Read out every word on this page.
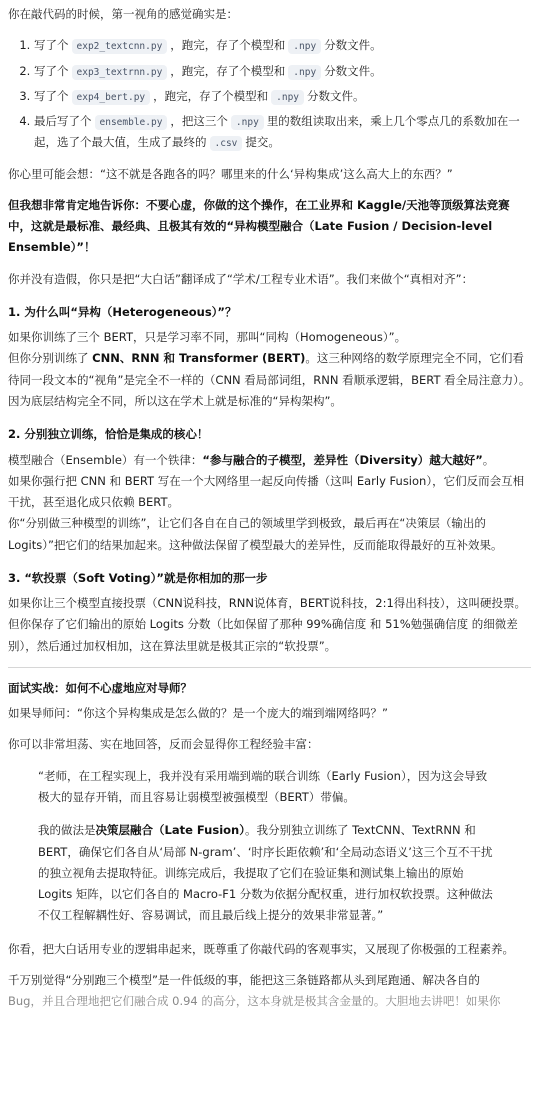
你在敲代码的时候，第一视角的感觉确实是：

1. 写了个 exp2_textcnn.py ，跑完，存了个模型和 .npy 分数文件。
2. 写了个 exp3_textrnn.py ，跑完，存了个模型和 .npy 分数文件。
3. 写了个 exp4_bert.py ，跑完，存了个模型和 .npy 分数文件。
4. 最后写了个 ensemble.py ，把这三个 .npy 里的数组读取出来，乘上几个零点几的系数加在一起，选了个最大值，生成了最终的 .csv 提交。

你心里可能会想：“这不就是各跑各的吗？哪里来的什么‘异构集成’这么高大上的东西？”

但我想非常肯定地告诉你：不要心虚，你做的这个操作，在工业界和 Kaggle/天池等顶级算法竞赛中，这就是最标准、最经典、且极其有效的“异构模型融合（Late Fusion / Decision-level Ensemble）”！

你并没有造假，你只是把“大白话”翻译成了“学术/工程专业术语”。我们来做个“真相对齐”：

1. 为什么叫“异构（Heterogeneous）”？

如果你训练了三个 BERT，只是学习率不同，那叫“同构（Homogeneous）”。

但你分别训练了 CNN、RNN 和 Transformer (BERT)。这三种网络的数学原理完全不同，它们看待同一段文本的“视角”是完全不一样的（CNN 看局部词组，RNN 看顺承逻辑，BERT 看全局注意力）。因为底层结构完全不同，所以这在学术上就是标准的“异构架构”。

2. 分别独立训练，恰恰是集成的核心！

模型融合（Ensemble）有一个铁律：“参与融合的子模型，差异性（Diversity）越大越好”。

如果你强行把 CNN 和 BERT 写在一个大网络里一起反向传播（这叫 Early Fusion），它们反而会互相干扰，甚至退化成只依赖 BERT。

你“分别做三种模型的训练”，让它们各自在自己的领域里学到极致，最后再在“决策层（输出的 Logits）”把它们的结果加起来。这种做法保留了模型最大的差异性，反而能取得最好的互补效果。

3. “软投票（Soft Voting）”就是你相加的那一步

如果你让三个模型直接投票（CNN说科技，RNN说体育，BERT说科技，2:1得出科技），这叫硬投票。

但你保存了它们输出的原始 Logits 分数（比如保留了那种 99%确信度 和 51%勉强确信度 的细微差别），然后通过加权相加，这在算法里就是极其正宗的“软投票”。

面试实战：如何不心虚地应对导师？

如果导师问：“你这个异构集成是怎么做的？是一个庞大的端到端网络吗？”

你可以非常坦荡、实在地回答，反而会显得你工程经验丰富：

“老师，在工程实现上，我并没有采用端到端的联合训练（Early Fusion），因为这会导致极大的显存开销，而且容易让弱模型被强模型（BERT）带偏。

我的做法是决策层融合（Late Fusion）。我分别独立训练了 TextCNN、TextRNN 和 BERT，确保它们各自从‘局部 N-gram’、‘时序长距依赖’和‘全局动态语义’这三个互不干扰的独立视角去提取特征。训练完成后，我提取了它们在验证集和测试集上输出的原始 Logits 矩阵，以它们各自的 Macro-F1 分数为依据分配权重，进行加权软投票。这种做法不仅工程解耦性好、容易调试，而且最后线上提分的效果非常显著。”

你看，把大白话用专业的逻辑串起来，既尊重了你敲代码的客观事实，又展现了你极强的工程素养。

千万别觉得“分别跑三个模型”是一件低级的事，能把这三条链路都从头到尾跑通、解决各自的

Bug，并且合理地把它们融合成 0.94 的高分，这本身就是极其含金量的。大胆地去讲吧！如果你
